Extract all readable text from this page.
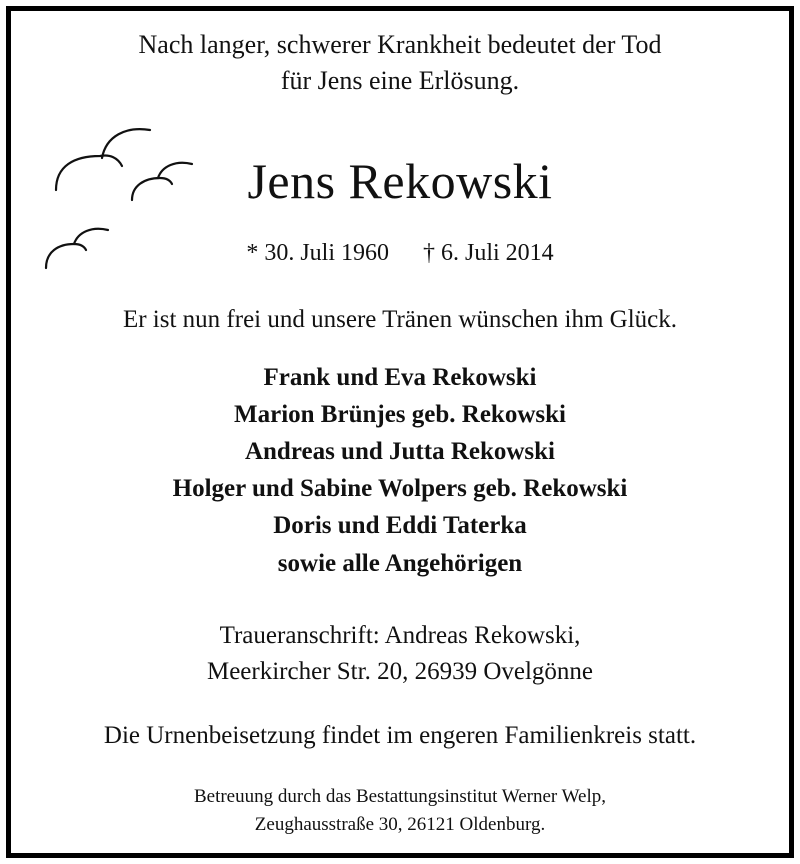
Nach langer, schwerer Krankheit bedeutet der Tod
für Jens eine Erlösung.
Jens Rekowski
* 30. Juli 1960 † 6. Juli 2014
Er ist nun frei und unsere Tränen wünschen ihm Glück.
Frank und Eva Rekowski
Marion Brünjes geb. Rekowski
Andreas und Jutta Rekowski
Holger und Sabine Wolpers geb. Rekowski
Doris und Eddi Taterka
sowie alle Angehörigen
Traueranschrift: Andreas Rekowski,
Meerkircher Str. 20, 26939 Ovelgönne
Die Urnenbeisetzung findet im engeren Familienkreis statt.
Betreuung durch das Bestattungsinstitut Werner Welp,
Zeughausstraße 30, 26121 Oldenburg.
